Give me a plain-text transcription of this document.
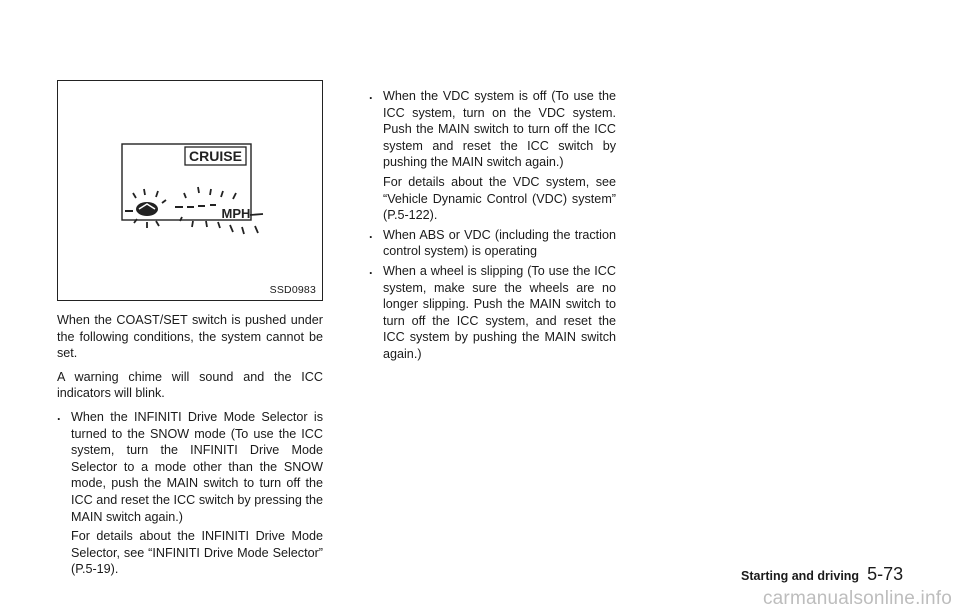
CRUISE
MPH
SSD0983

When the COAST/SET switch is pushed under the following conditions, the system cannot be set.

A warning chime will sound and the ICC indicators will blink.

. When the INFINITI Drive Mode Selector is turned to the SNOW mode (To use the ICC system, turn the INFINITI Drive Mode Selector to a mode other than the SNOW mode, push the MAIN switch to turn off the ICC and reset the ICC switch by pressing the MAIN switch again.)
For details about the INFINITI Drive Mode Selector, see “INFINITI Drive Mode Selector” (P.5-19).
. When the VDC system is off (To use the ICC system, turn on the VDC system. Push the MAIN switch to turn off the ICC system and reset the ICC switch by pushing the MAIN switch again.)
For details about the VDC system, see “Vehicle Dynamic Control (VDC) system” (P.5-122).
. When ABS or VDC (including the traction control system) is operating
. When a wheel is slipping (To use the ICC system, make sure the wheels are no longer slipping. Push the MAIN switch to turn off the ICC system, and reset the ICC system by pushing the MAIN switch again.)
Starting and driving 5-73
carmanualsonline.info
